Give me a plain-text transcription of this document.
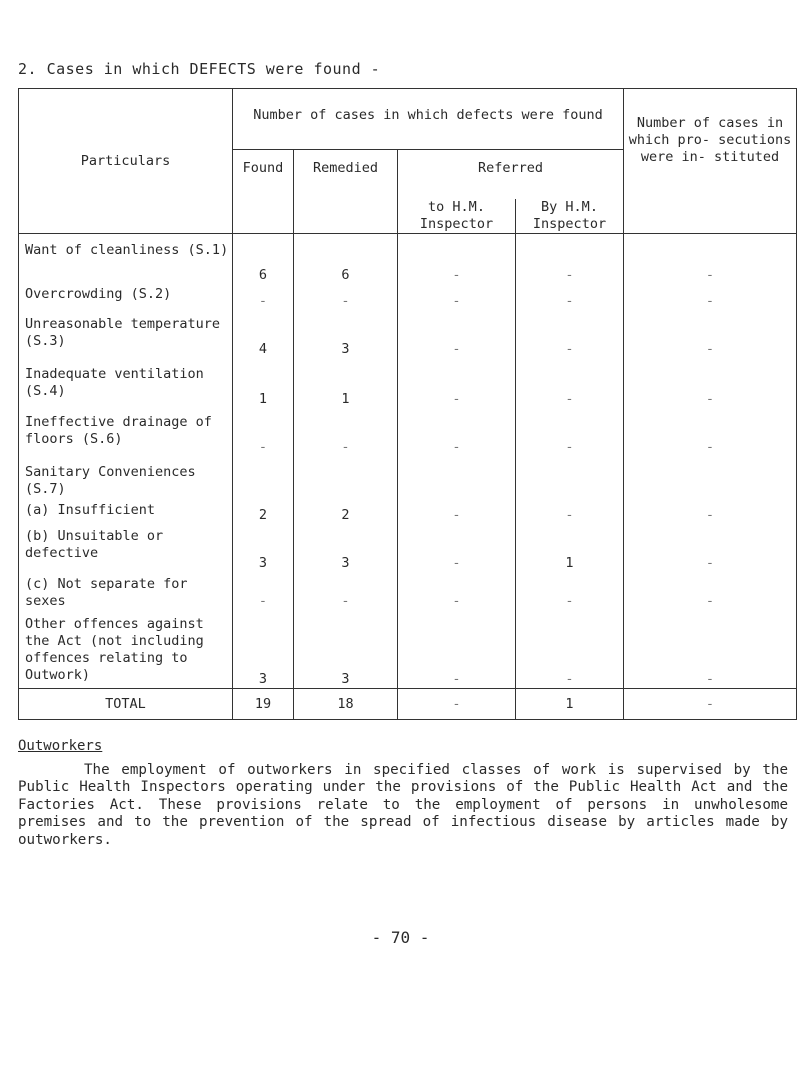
2. Cases in which DEFECTS were found -
Particulars	Number of cases in which defects were found				Number of cases in which pro- secutions were in- stituted
	Found	Remedied	Referred		
			to H.M. Inspector	By H.M. Inspector	
Want of cleanliness (S.1)	6	6	-	-	-
Overcrowding (S.2)	-	-	-	-	-
Unreasonable temperature (S.3)	4	3	-	-	-
Inadequate ventilation (S.4)	1	1	-	-	-
Ineffective drainage of floors (S.6)	-	-	-	-	-
Sanitary Conveniences (S.7)					
(a) Insufficient	2	2	-	-	-
(b) Unsuitable or defective	3	3	-	1	-
(c) Not separate for sexes	-	-	-	-	-
Other offences against the Act (not including offences relating to Outwork)	3	3	-	-	-
TOTAL	19	18	-	1	-
Outworkers
The employment of outworkers in specified classes of work is supervised by the Public Health Inspectors operating under the provisions of the Public Health Act and the Factories Act. These provisions relate to the employment of persons in unwholesome premises and to the prevention of the spread of infectious disease by articles made by outworkers.
- 70 -
